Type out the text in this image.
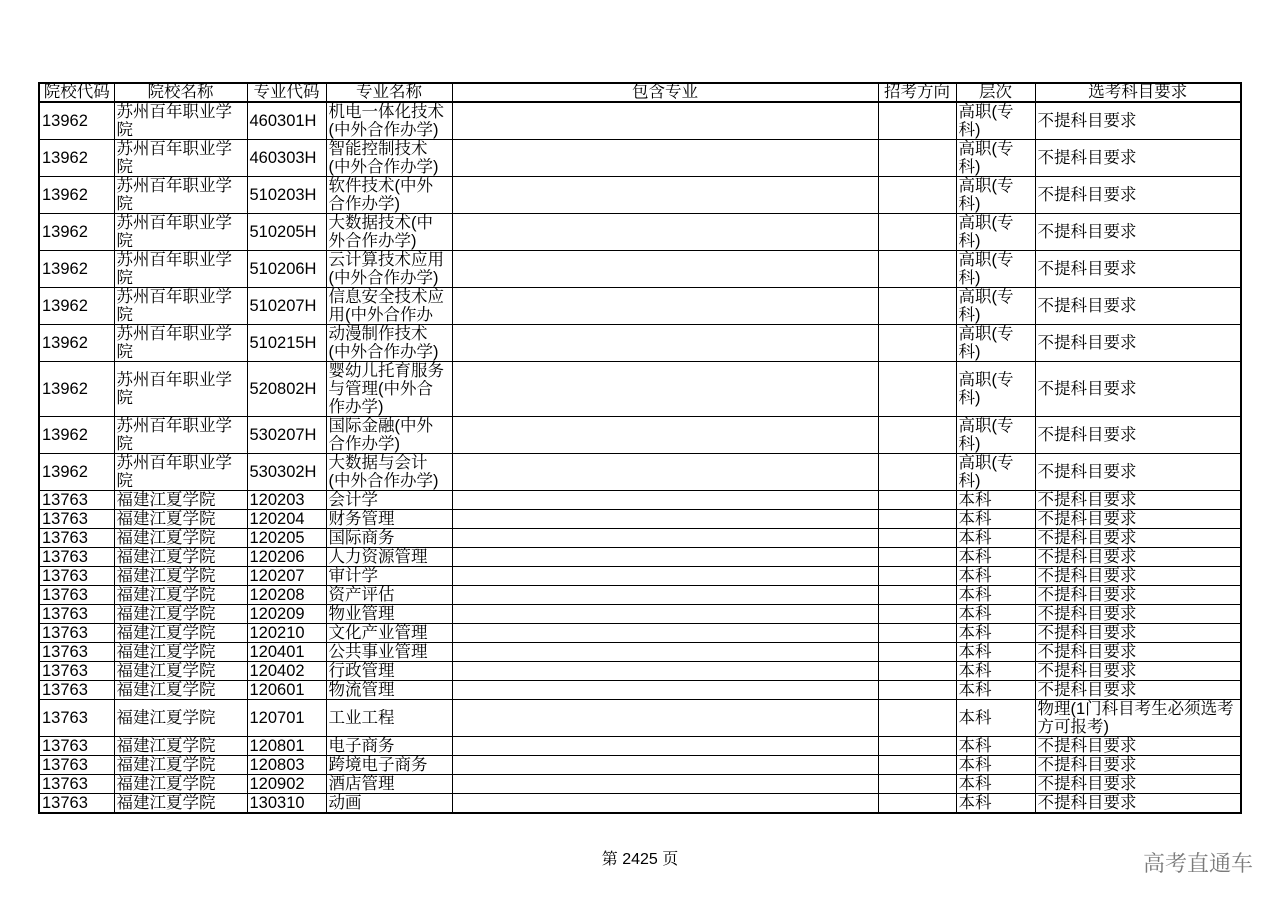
院校代码	院校名称	专业代码	专业名称	包含专业	招考方向	层次	选考科目要求
13962	苏州百年职业学院	460301H	机电一体化技术(中外合作办学)			高职(专科)	不提科目要求
13962	苏州百年职业学院	460303H	智能控制技术(中外合作办学)			高职(专科)	不提科目要求
13962	苏州百年职业学院	510203H	软件技术(中外合作办学)			高职(专科)	不提科目要求
13962	苏州百年职业学院	510205H	大数据技术(中外合作办学)			高职(专科)	不提科目要求
13962	苏州百年职业学院	510206H	云计算技术应用(中外合作办学)			高职(专科)	不提科目要求
13962	苏州百年职业学院	510207H	信息安全技术应用(中外合作办			高职(专科)	不提科目要求
13962	苏州百年职业学院	510215H	动漫制作技术(中外合作办学)			高职(专科)	不提科目要求
13962	苏州百年职业学院	520802H	婴幼儿托育服务与管理(中外合作办学)			高职(专科)	不提科目要求
13962	苏州百年职业学院	530207H	国际金融(中外合作办学)			高职(专科)	不提科目要求
13962	苏州百年职业学院	530302H	大数据与会计(中外合作办学)			高职(专科)	不提科目要求
13763	福建江夏学院	120203	会计学			本科	不提科目要求
13763	福建江夏学院	120204	财务管理			本科	不提科目要求
13763	福建江夏学院	120205	国际商务			本科	不提科目要求
13763	福建江夏学院	120206	人力资源管理			本科	不提科目要求
13763	福建江夏学院	120207	审计学			本科	不提科目要求
13763	福建江夏学院	120208	资产评估			本科	不提科目要求
13763	福建江夏学院	120209	物业管理			本科	不提科目要求
13763	福建江夏学院	120210	文化产业管理			本科	不提科目要求
13763	福建江夏学院	120401	公共事业管理			本科	不提科目要求
13763	福建江夏学院	120402	行政管理			本科	不提科目要求
13763	福建江夏学院	120601	物流管理			本科	不提科目要求
13763	福建江夏学院	120701	工业工程			本科	物理(1门科目考生必须选考方可报考)
13763	福建江夏学院	120801	电子商务			本科	不提科目要求
13763	福建江夏学院	120803	跨境电子商务			本科	不提科目要求
13763	福建江夏学院	120902	酒店管理			本科	不提科目要求
13763	福建江夏学院	130310	动画			本科	不提科目要求
第 2425 页	高考直通车
